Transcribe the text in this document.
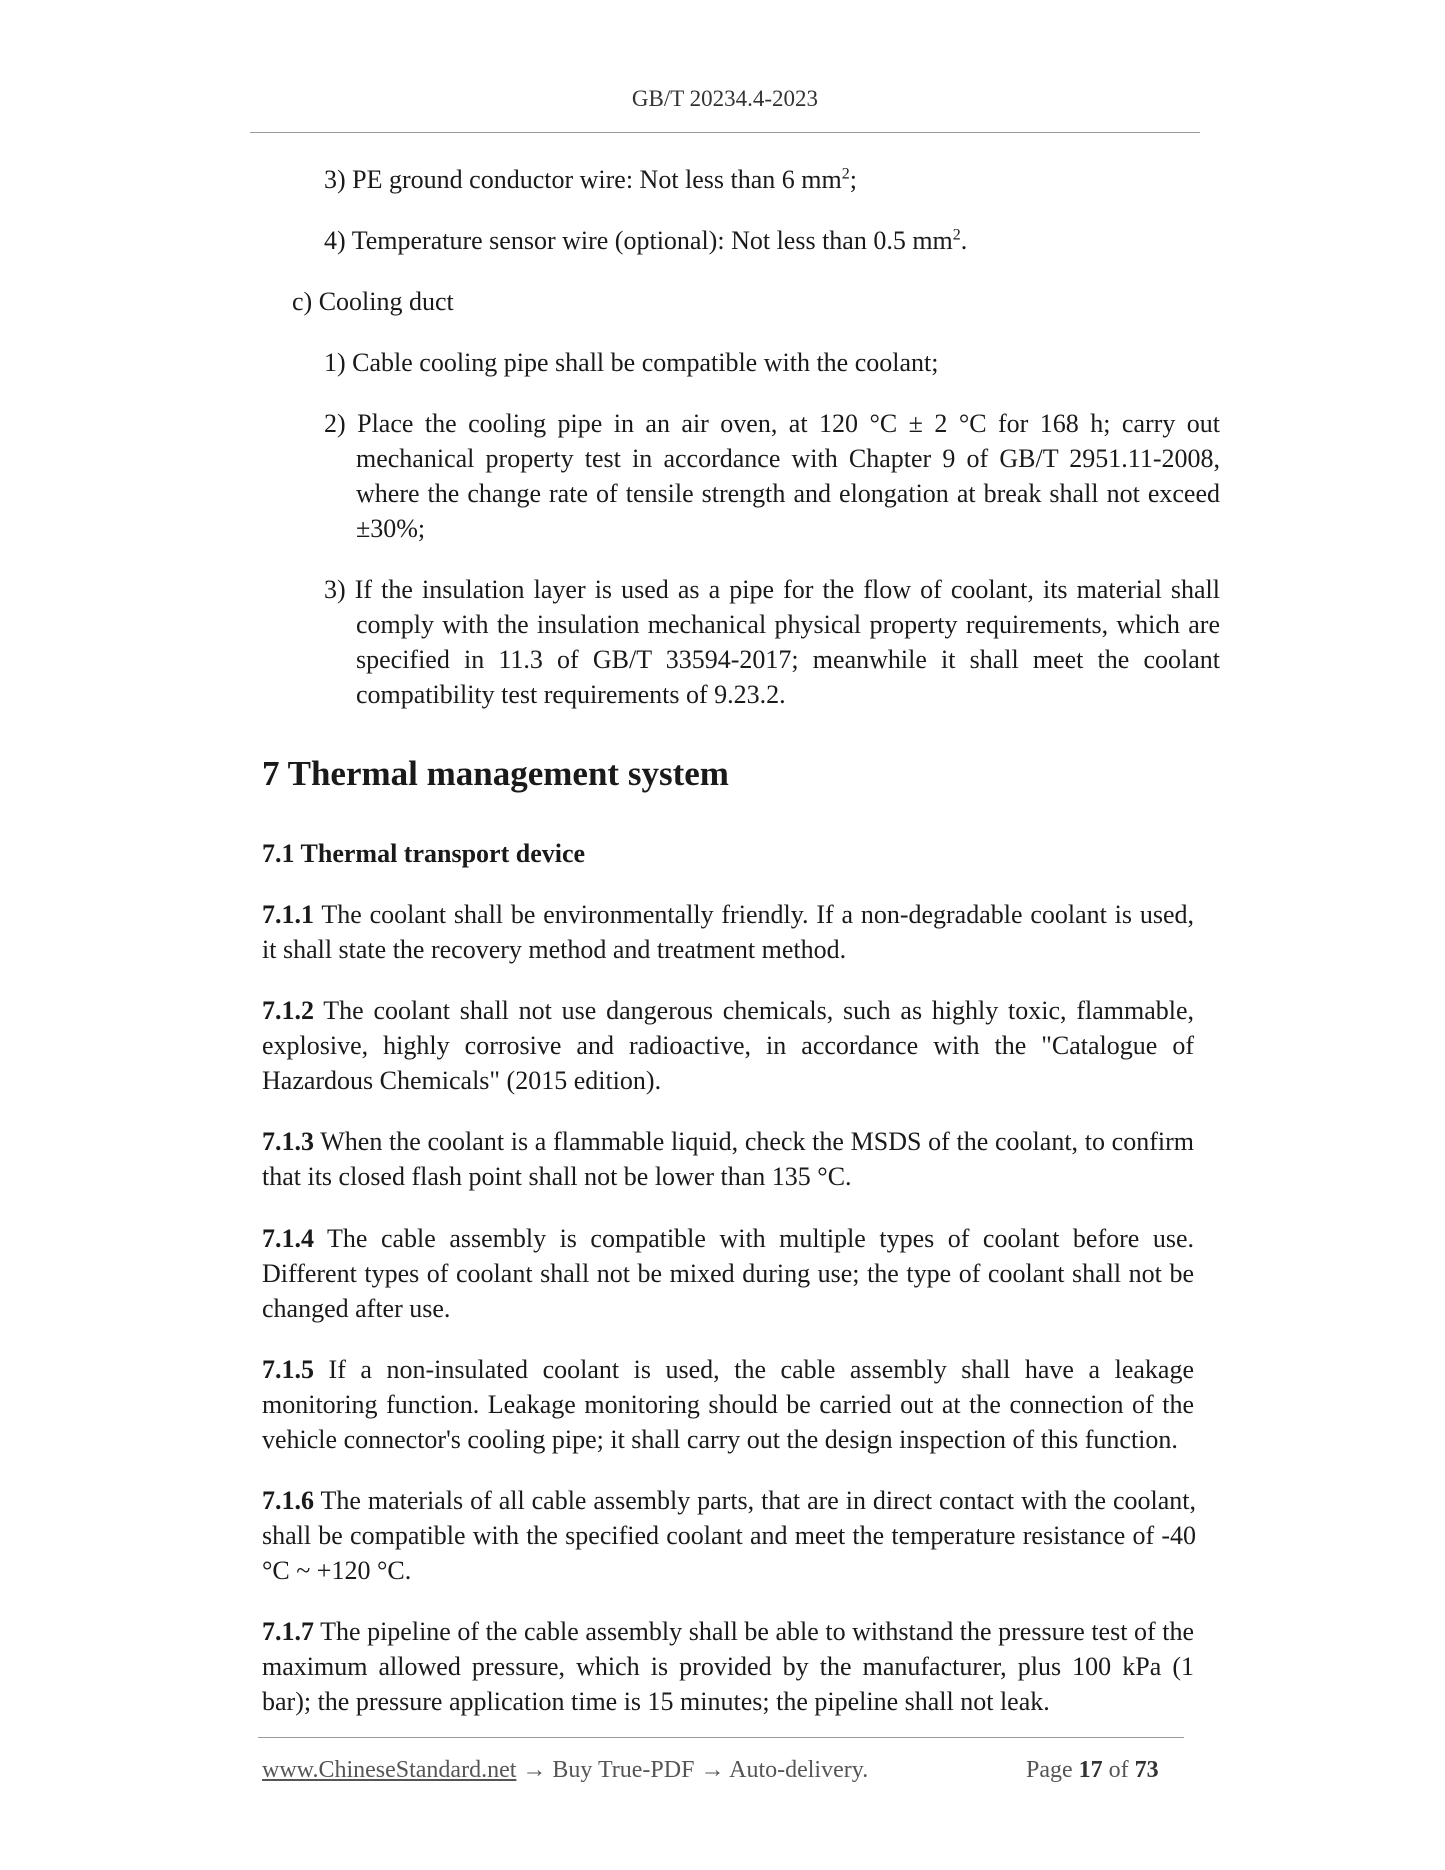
GB/T 20234.4-2023
3) PE ground conductor wire: Not less than 6 $mm^2$;
4) Temperature sensor wire (optional): Not less than 0.5 $mm^2$.
c) Cooling duct
1) Cable cooling pipe shall be compatible with the coolant;
2) Place the cooling pipe in an air oven, at 120 °C ± 2 °C for 168 h; carry out mechanical property test in accordance with Chapter 9 of GB/T 2951.11-2008, where the change rate of tensile strength and elongation at break shall not exceed ±30%;
3) If the insulation layer is used as a pipe for the flow of coolant, its material shall comply with the insulation mechanical physical property requirements, which are specified in 11.3 of GB/T 33594-2017; meanwhile it shall meet the coolant compatibility test requirements of 9.23.2.
7 Thermal management system
7.1 Thermal transport device
7.1.1 The coolant shall be environmentally friendly. If a non-degradable coolant is used, it shall state the recovery method and treatment method.
7.1.2 The coolant shall not use dangerous chemicals, such as highly toxic, flammable, explosive, highly corrosive and radioactive, in accordance with the "Catalogue of Hazardous Chemicals" (2015 edition).
7.1.3 When the coolant is a flammable liquid, check the MSDS of the coolant, to confirm that its closed flash point shall not be lower than 135 °C.
7.1.4 The cable assembly is compatible with multiple types of coolant before use. Different types of coolant shall not be mixed during use; the type of coolant shall not be changed after use.
7.1.5 If a non-insulated coolant is used, the cable assembly shall have a leakage monitoring function. Leakage monitoring should be carried out at the connection of the vehicle connector's cooling pipe; it shall carry out the design inspection of this function.
7.1.6 The materials of all cable assembly parts, that are in direct contact with the coolant, shall be compatible with the specified coolant and meet the temperature resistance of -40 °C ~ +120 °C.
7.1.7 The pipeline of the cable assembly shall be able to withstand the pressure test of the maximum allowed pressure, which is provided by the manufacturer, plus 100 kPa (1 bar); the pressure application time is 15 minutes; the pipeline shall not leak.
www.ChineseStandard.net → Buy True-PDF → Auto-delivery.	Page 17 of 73
